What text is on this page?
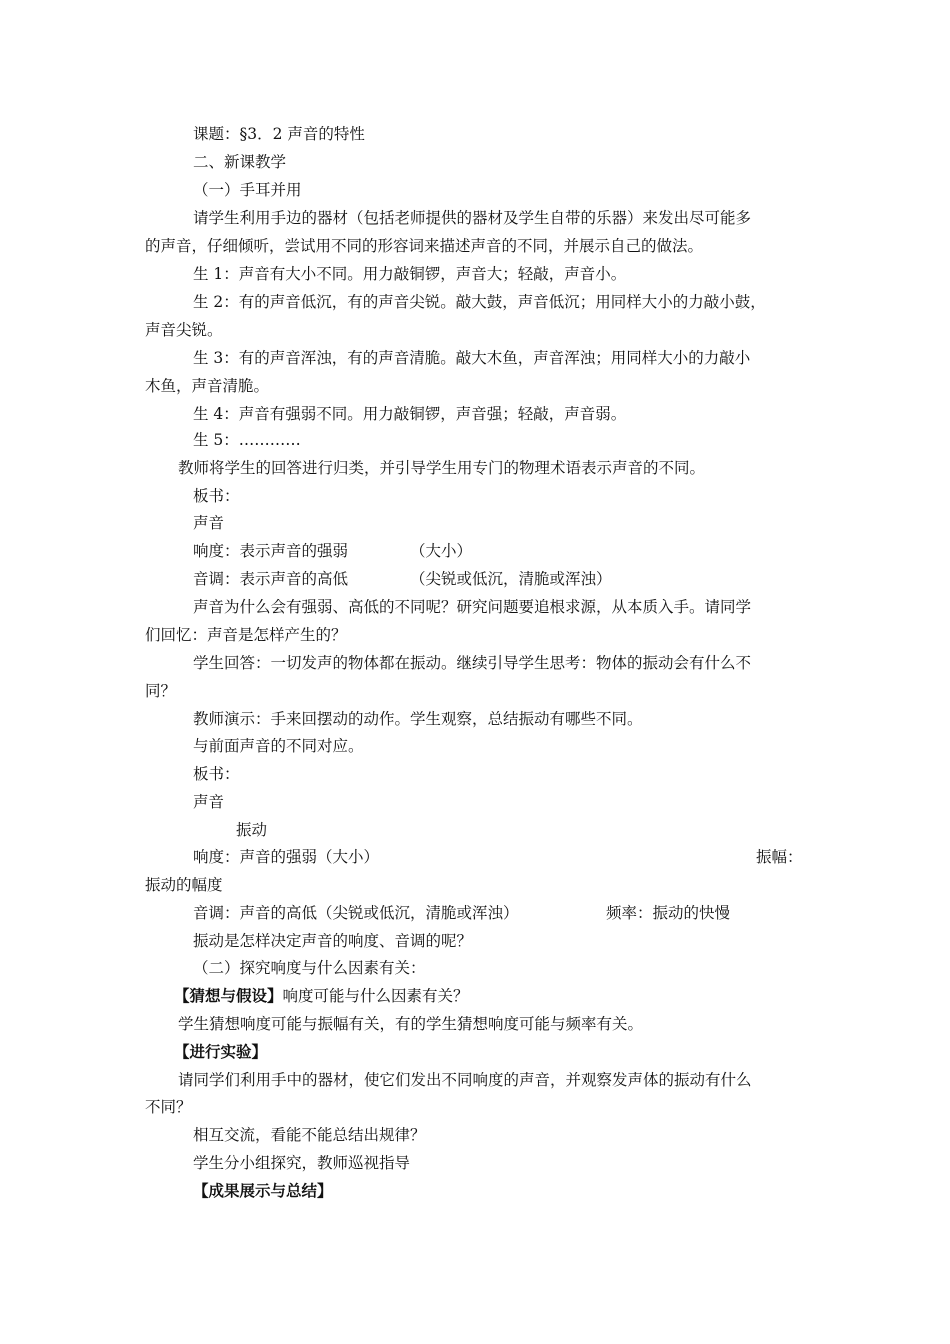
课题：§3．2 声音的特性
二、新课教学
（一）手耳并用
请学生利用手边的器材（包括老师提供的器材及学生自带的乐器）来发出尽可能多
的声音，仔细倾听，尝试用不同的形容词来描述声音的不同，并展示自己的做法。
生 1：声音有大小不同。用力敲铜锣，声音大；轻敲，声音小。
生 2：有的声音低沉，有的声音尖锐。敲大鼓，声音低沉；用同样大小的力敲小鼓，
声音尖锐。
生 3：有的声音浑浊，有的声音清脆。敲大木鱼，声音浑浊；用同样大小的力敲小
木鱼，声音清脆。
生 4：声音有强弱不同。用力敲铜锣，声音强；轻敲，声音弱。
生 5：…………
教师将学生的回答进行归类，并引导学生用专门的物理术语表示声音的不同。
板书：
声音
响度：表示声音的强弱	（大小）
音调：表示声音的高低	（尖锐或低沉，清脆或浑浊）
声音为什么会有强弱、高低的不同呢？研究问题要追根求源，从本质入手。请同学
们回忆：声音是怎样产生的？
学生回答：一切发声的物体都在振动。继续引导学生思考：物体的振动会有什么不
同？
教师演示：手来回摆动的动作。学生观察，总结振动有哪些不同。
与前面声音的不同对应。
板书：
声音
振动
响度：声音的强弱（大小）	振幅：
振动的幅度
音调：声音的高低（尖锐或低沉，清脆或浑浊）	频率：振动的快慢
振动是怎样决定声音的响度、音调的呢？
（二）探究响度与什么因素有关：
【猜想与假设】响度可能与什么因素有关？
学生猜想响度可能与振幅有关，有的学生猜想响度可能与频率有关。
【进行实验】
请同学们利用手中的器材，使它们发出不同响度的声音，并观察发声体的振动有什么
不同？
相互交流，看能不能总结出规律？
学生分小组探究，教师巡视指导
【成果展示与总结】
